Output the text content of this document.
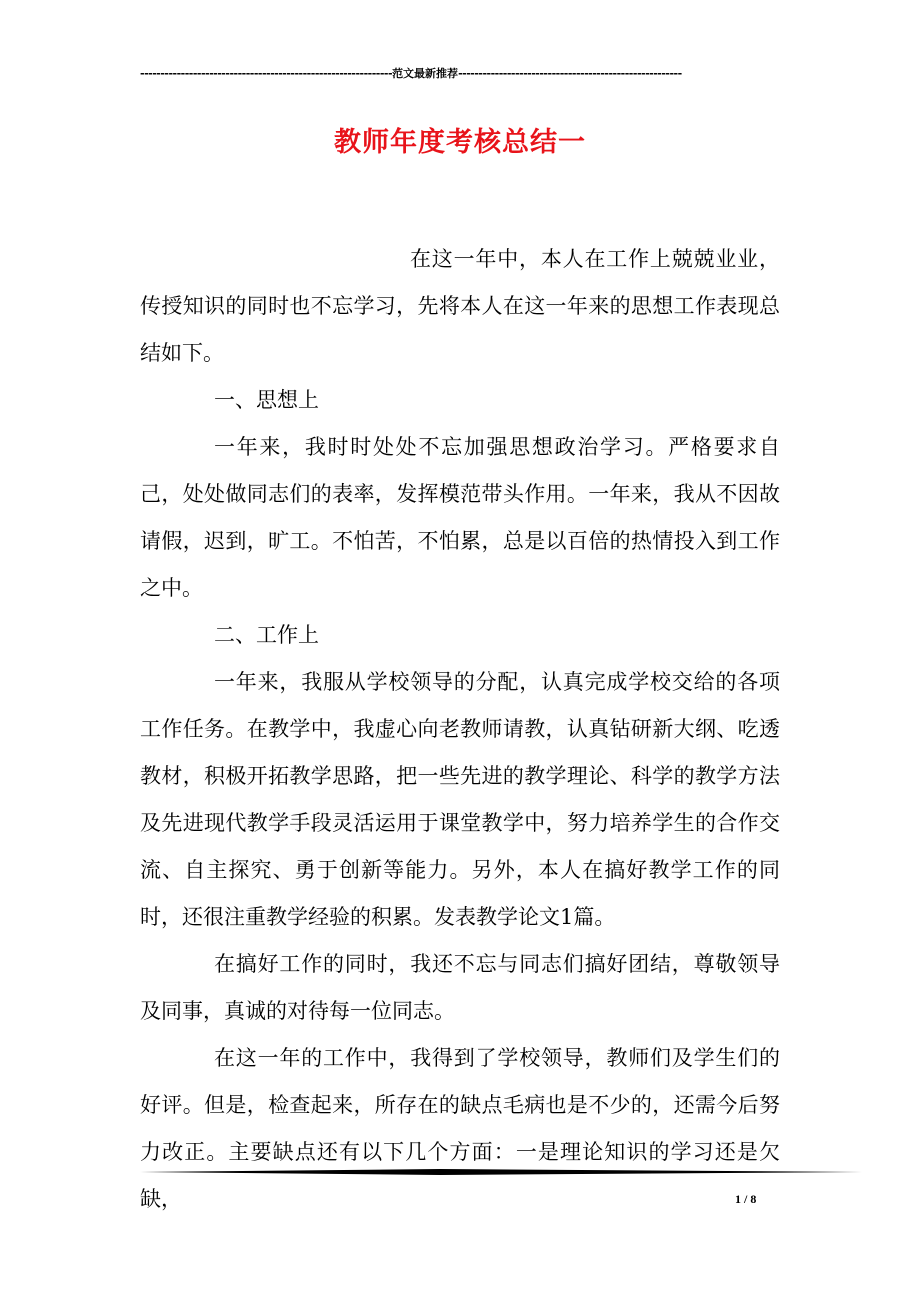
--------------------------------------------------------------范文最新推荐-------------------------------------------------------
教师年度考核总结一

在这一年中，本人在工作上兢兢业业，传授知识的同时也不忘学习，先将本人在这一年来的思想工作表现总结如下。

一、思想上

一年来，我时时处处不忘加强思想政治学习。严格要求自己，处处做同志们的表率，发挥模范带头作用。一年来，我从不因故请假，迟到，旷工。不怕苦，不怕累，总是以百倍的热情投入到工作之中。

二、工作上

一年来，我服从学校领导的分配，认真完成学校交给的各项工作任务。在教学中，我虚心向老教师请教，认真钻研新大纲、吃透教材，积极开拓教学思路，把一些先进的教学理论、科学的教学方法及先进现代教学手段灵活运用于课堂教学中，努力培养学生的合作交流、自主探究、勇于创新等能力。另外，本人在搞好教学工作的同时，还很注重教学经验的积累。发表教学论文1篇。

在搞好工作的同时，我还不忘与同志们搞好团结，尊敬领导及同事，真诚的对待每一位同志。

在这一年的工作中，我得到了学校领导，教师们及学生们的好评。但是，检查起来，所存在的缺点毛病也是不少的，还需今后努力改正。主要缺点还有以下几个方面：一是理论知识的学习还是欠缺，	1 / 8
